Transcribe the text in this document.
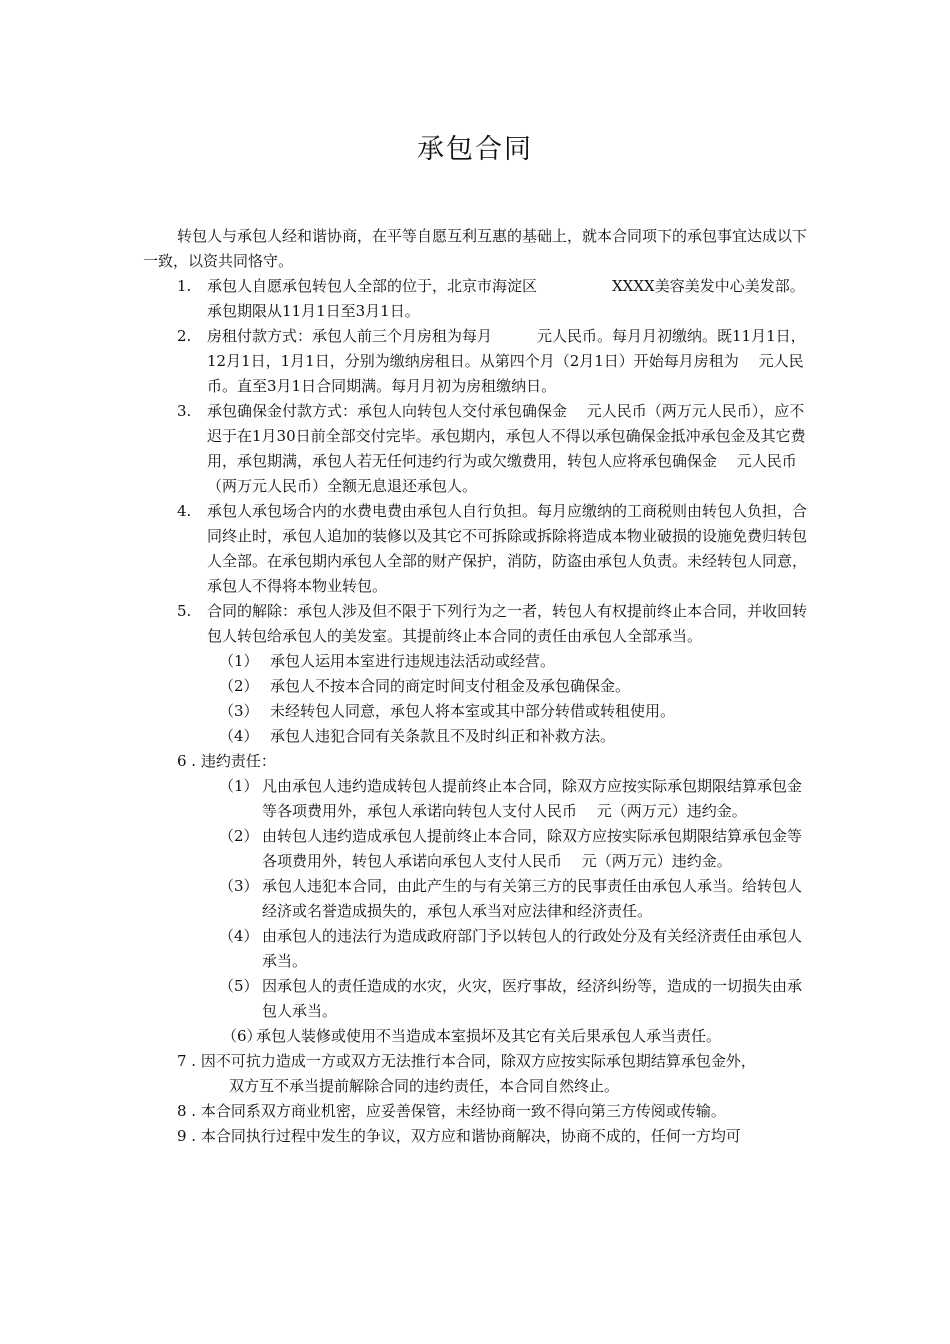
承包合同

转包人与承包人经和谐协商，在平等自愿互利互惠的基础上，就本合同项下的承包事宜达成以下一致，以资共同恪守。

1. 承包人自愿承包转包人全部的位于，北京市海淀区　　　　　XXXX美容美发中心美发部。承包期限从11月1日至3月1日。
2. 房租付款方式：承包人前三个月房租为每月　　　元人民币。每月月初缴纳。既11月1日，12月1日，1月1日，分别为缴纳房租日。从第四个月（2月1日）开始每月房租为　 元人民币。直至3月1日合同期满。每月月初为房租缴纳日。
3. 承包确保金付款方式：承包人向转包人交付承包确保金　 元人民币（两万元人民币），应不迟于在1月30日前全部交付完毕。承包期内，承包人不得以承包确保金抵冲承包金及其它费用，承包期满，承包人若无任何违约行为或欠缴费用，转包人应将承包确保金　 元人民币（两万元人民币）全额无息退还承包人。
4. 承包人承包场合内的水费电费由承包人自行负担。每月应缴纳的工商税则由转包人负担，合同终止时，承包人追加的装修以及其它不可拆除或拆除将造成本物业破损的设施免费归转包人全部。在承包期内承包人全部的财产保护，消防，防盗由承包人负责。未经转包人同意，承包人不得将本物业转包。
5. 合同的解除：承包人涉及但不限于下列行为之一者，转包人有权提前终止本合同，并收回转包人转包给承包人的美发室。其提前终止本合同的责任由承包人全部承当。
（1） 承包人运用本室进行违规违法活动或经营。
（2） 承包人不按本合同的商定时间支付租金及承包确保金。
（3） 未经转包人同意，承包人将本室或其中部分转借或转租使用。
（4） 承包人违犯合同有关条款且不及时纠正和补救方法。
6 . 违约责任：
（1） 凡由承包人违约造成转包人提前终止本合同，除双方应按实际承包期限结算承包金等各项费用外，承包人承诺向转包人支付人民币　 元（两万元）违约金。
（2） 由转包人违约造成承包人提前终止本合同，除双方应按实际承包期限结算承包金等各项费用外，转包人承诺向承包人支付人民币　 元（两万元）违约金。
（3） 承包人违犯本合同，由此产生的与有关第三方的民事责任由承包人承当。给转包人经济或名誉造成损失的，承包人承当对应法律和经济责任。
（4） 由承包人的违法行为造成政府部门予以转包人的行政处分及有关经济责任由承包人承当。
（5） 因承包人的责任造成的水灾，火灾，医疗事故，经济纠纷等，造成的一切损失由承包人承当。
（6）
承包人装修或使用不当造成本室损坏及其它有关后果承包人承当责任。
7 . 因不可抗力造成一方或双方无法推行本合同，除双方应按实际承包期结算承包金外，
双方互不承当提前解除合同的违约责任，本合同自然终止。
8 . 本合同系双方商业机密，应妥善保管，未经协商一致不得向第三方传阅或传输。
9 . 本合同执行过程中发生的争议，双方应和谐协商解决，协商不成的，任何一方均可
